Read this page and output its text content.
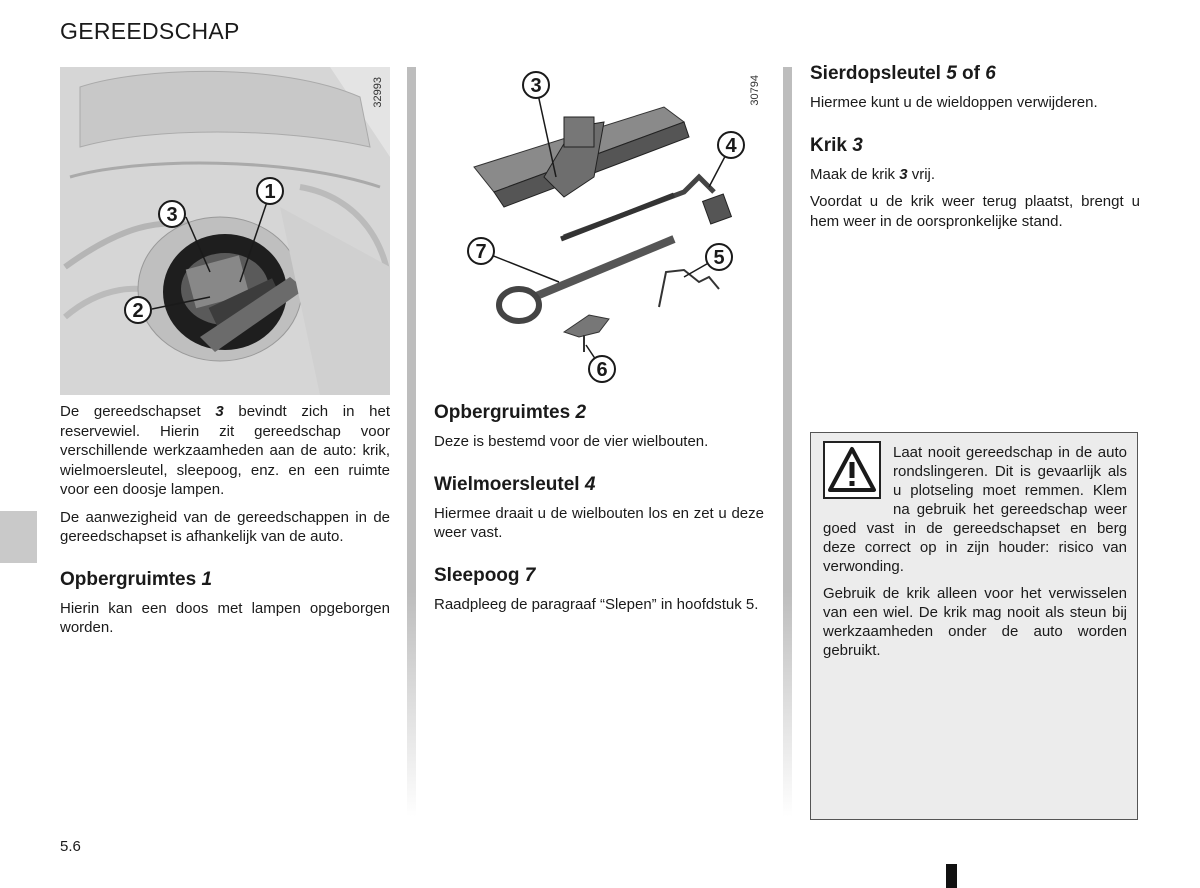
GEREEDSCHAP
32993
1
3
2
30794
3
4
7	5
6

De gereedschapset 3 bevindt zich in het reservewiel. Hierin zit gereedschap voor verschillende werkzaamheden aan de auto: krik, wielmoersleutel, sleepoog, enz. en een ruimte voor een doosje lampen.

De aanwezigheid van de gereedschappen in de gereedschapset is afhankelijk van de auto.

Opbergruimtes 1

Hierin kan een doos met lampen opgeborgen worden.

Opbergruimtes 2

Deze is bestemd voor de vier wielbouten.

Wielmoersleutel 4

Hiermee draait u de wielbouten los en zet u deze weer vast.

Sleepoog 7

Raadpleeg de paragraaf “Slepen” in hoofdstuk 5.

Sierdopsleutel 5 of 6

Hiermee kunt u de wieldoppen verwijderen.

Krik 3

Maak de krik 3 vrij.

Voordat u de krik weer terug plaatst, brengt u hem weer in de oorspronkelijke stand.

Laat nooit gereedschap in de auto rondslingeren. Dit is gevaarlijk als u plotseling moet remmen. Klem na gebruik het gereedschap weer goed vast in de gereedschapset en berg deze correct op in zijn houder: risico van verwonding.

Gebruik de krik alleen voor het verwisselen van een wiel. De krik mag nooit als steun bij werkzaamheden onder de auto worden gebruikt.

5.6
